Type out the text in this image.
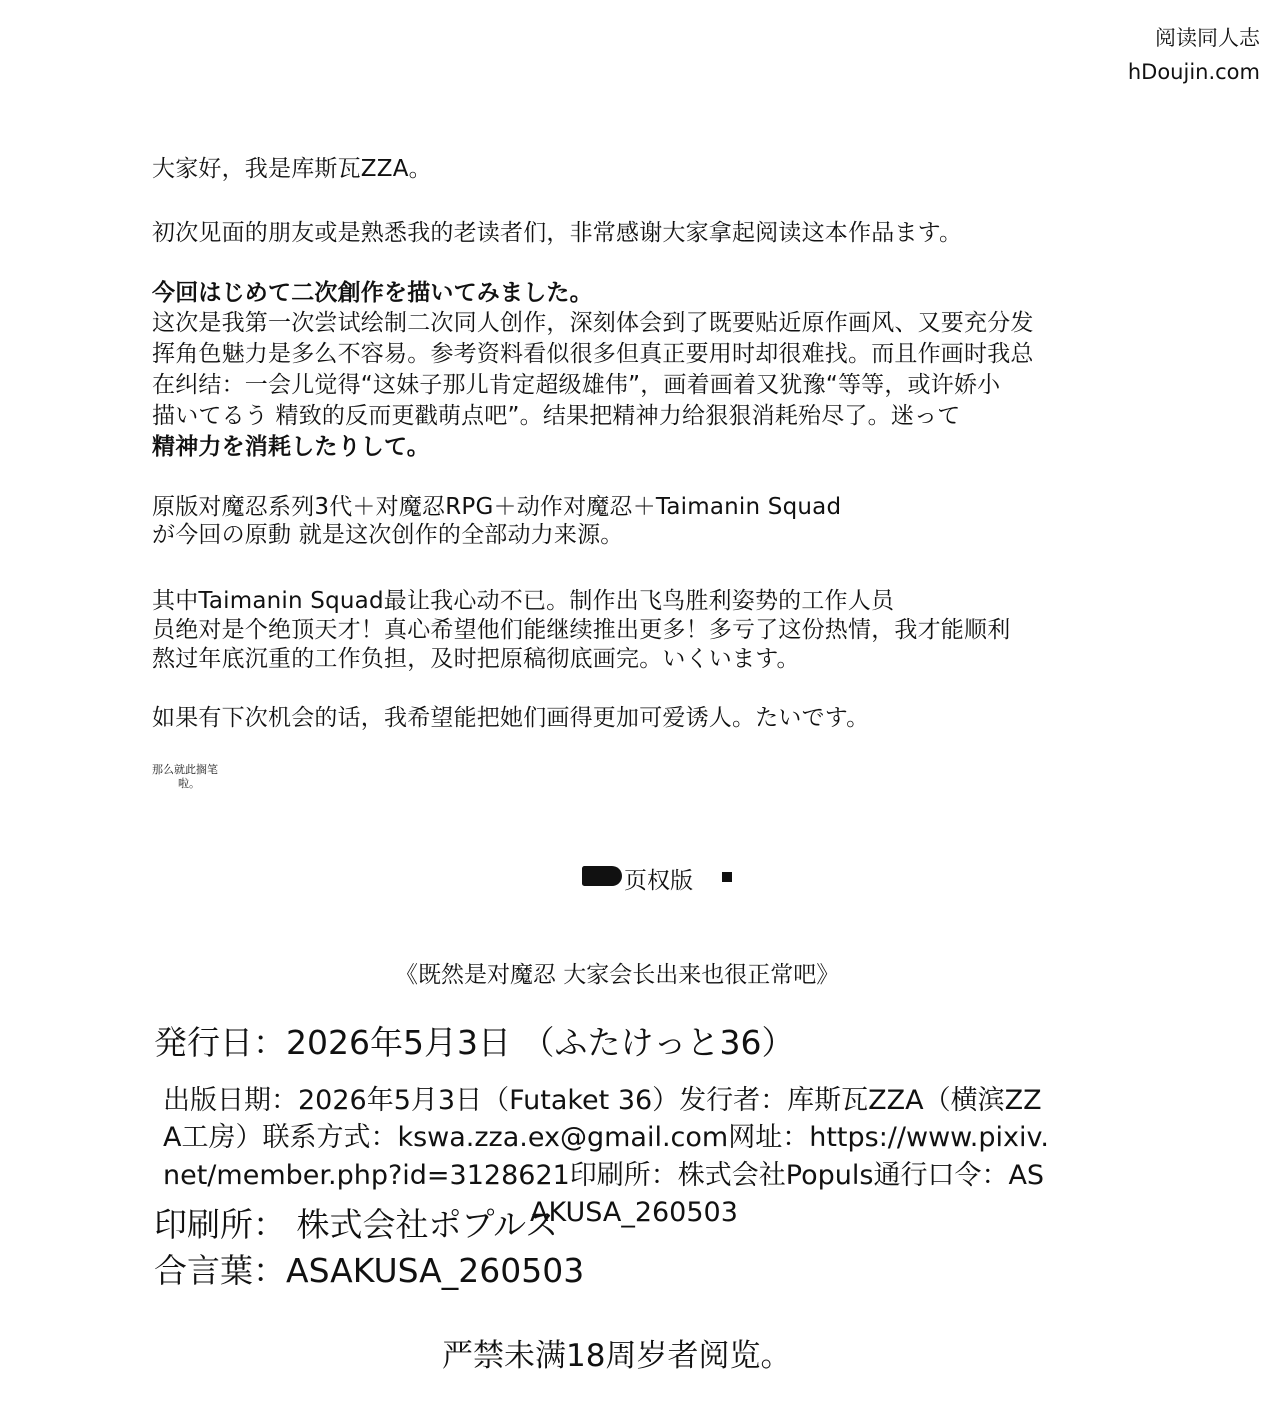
阅读同人志
hDoujin.com
大家好，我是库斯瓦ZZA。
初次见面的朋友或是熟悉我的老读者们，非常感谢大家拿起阅读这本作品ます。
今回はじめて二次創作を描いてみました。
这次是我第一次尝试绘制二次同人创作，深刻体会到了既要贴近原作画风、又要充分发
挥角色魅力是多么不容易。参考资料看似很多但真正要用时却很难找。而且作画时我总
在纠结：一会儿觉得“这妹子那儿肯定超级雄伟”，画着画着又犹豫“等等，或许娇小
描いてるう 精致的反而更戳萌点吧”。结果把精神力给狠狠消耗殆尽了。迷って
精神力を消耗したりして。
原版对魔忍系列3代＋对魔忍RPG＋动作对魔忍＋Taimanin Squad
が今回の原動 就是这次创作的全部动力来源。
其中Taimanin Squad最让我心动不已。制作出飞鸟胜利姿势的工作人员
员绝对是个绝顶天才！真心希望他们能继续推出更多！多亏了这份热情，我才能顺利
熬过年底沉重的工作负担，及时把原稿彻底画完。いくいます。
如果有下次机会的话，我希望能把她们画得更加可爱诱人。たいです。
那么就此搁笔
啦。
页权版
《既然是对魔忍 大家会长出来也很正常吧》
発行日：2026年5月3日 （ふたけっと36）
出版日期：2026年5月3日（Futaket 36）发行者：库斯瓦ZZA（横滨ZZ
A工房）联系方式：kswa.zza.ex@gmail.com网址：https://www.pixiv.
net/member.php?id=3128621印刷所：株式会社Populs通行口令：AS
印刷所： 株式会社ポプルス
AKUSA_260503
合言葉：ASAKUSA_260503
严禁未满18周岁者阅览。
